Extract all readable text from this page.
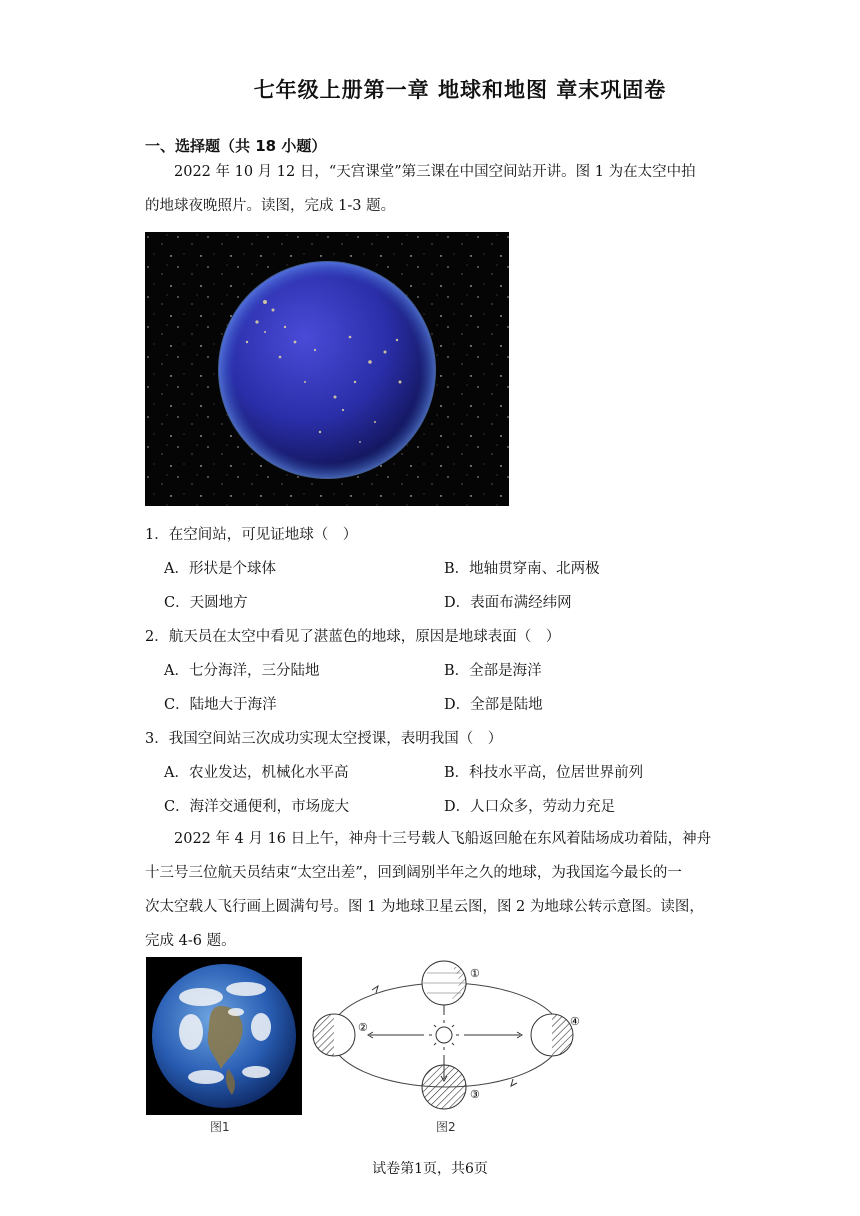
七年级上册第一章 地球和地图 章末巩固卷
一、选择题（共 18 小题）
2022 年 10 月 12 日，“天宫课堂”第三课在中国空间站开讲。图 1 为在太空中拍
的地球夜晚照片。读图，完成 1-3 题。
1．在空间站，可见证地球（　）
A．形状是个球体	B．地轴贯穿南、北两极
C．天圆地方	D．表面布满经纬网
2．航天员在太空中看见了湛蓝色的地球，原因是地球表面（　）
A．七分海洋，三分陆地	B．全部是海洋
C．陆地大于海洋	D．全部是陆地
3．我国空间站三次成功实现太空授课，表明我国（　）
A．农业发达，机械化水平高	B．科技水平高，位居世界前列
C．海洋交通便利，市场庞大	D．人口众多，劳动力充足
2022 年 4 月 16 日上午，神舟十三号载人飞船返回舱在东风着陆场成功着陆，神舟
十三号三位航天员结束“太空出差”，回到阔别半年之久的地球，为我国迄今最长的一
次太空载人飞行画上圆满句号。图 1 为地球卫星云图，图 2 为地球公转示意图。读图，
完成 4-6 题。
图1
①
②
③
④
图2
试卷第1页，共6页
